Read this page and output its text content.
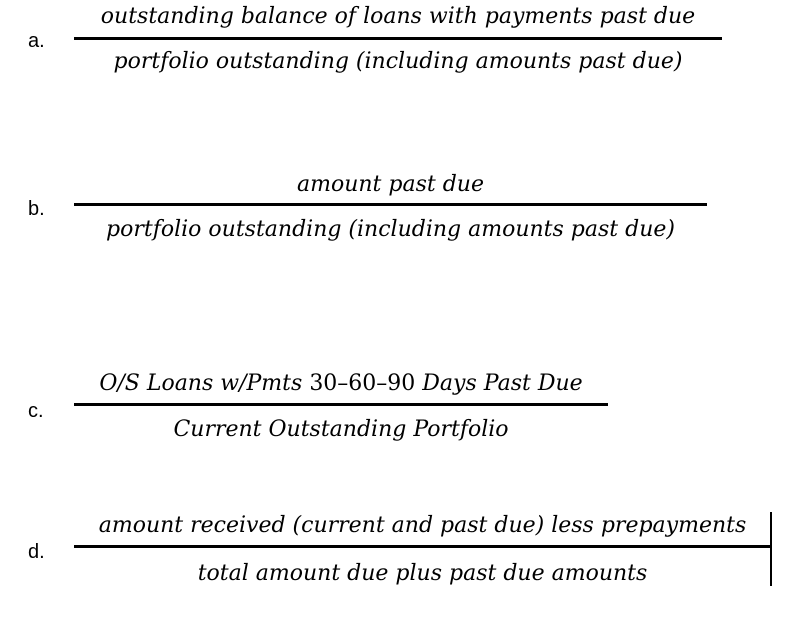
a.
outstanding balance of loans with payments past due
portfolio outstanding (including amounts past due)
b.
amount past due
portfolio outstanding (including amounts past due)
c.
O/S Loans w/Pmts 30–60–90 Days Past Due
Current Outstanding Portfolio
d.
amount received (current and past due) less prepayments
total amount due plus past due amounts
